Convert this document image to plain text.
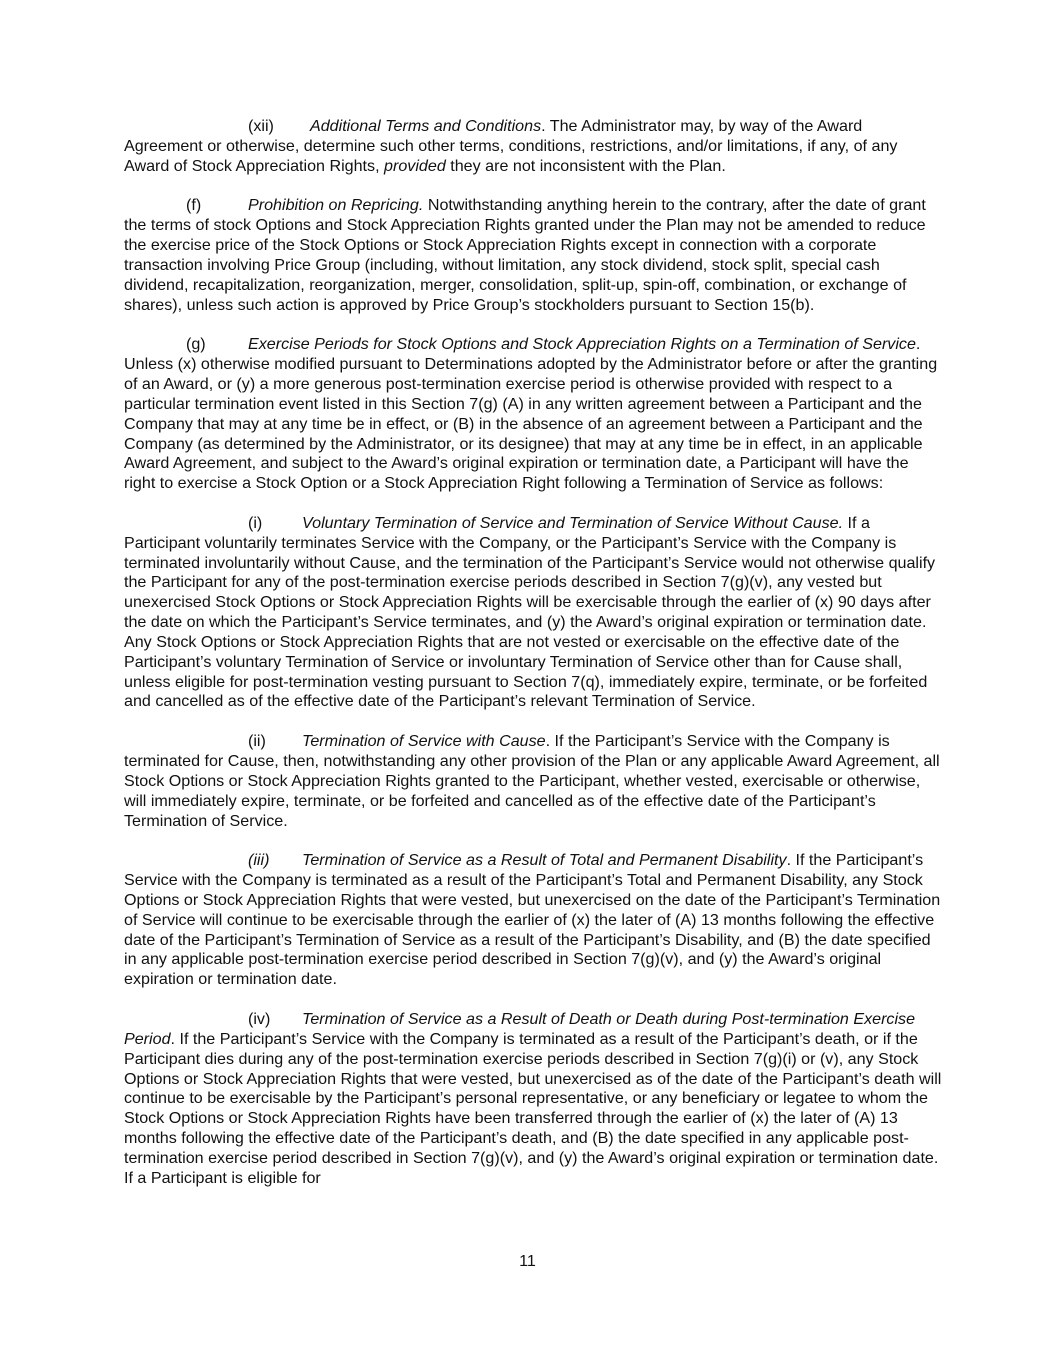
(xii) Additional Terms and Conditions. The Administrator may, by way of the Award Agreement or otherwise, determine such other terms, conditions, restrictions, and/or limitations, if any, of any Award of Stock Appreciation Rights, provided they are not inconsistent with the Plan.

(f)	Prohibition on Repricing. Notwithstanding anything herein to the contrary, after the date of grant the terms of stock Options and Stock Appreciation Rights granted under the Plan may not be amended to reduce the exercise price of the Stock Options or Stock Appreciation Rights except in connection with a corporate transaction involving Price Group (including, without limitation, any stock dividend, stock split, special cash dividend, recapitalization, reorganization, merger, consolidation, split-up, spin-off, combination, or exchange of shares), unless such action is approved by Price Group’s stockholders pursuant to Section 15(b).

(g)	Exercise Periods for Stock Options and Stock Appreciation Rights on a Termination of Service. Unless (x) otherwise modified pursuant to Determinations adopted by the Administrator before or after the granting of an Award, or (y) a more generous post-termination exercise period is otherwise provided with respect to a particular termination event listed in this Section 7(g) (A) in any written agreement between a Participant and the Company that may at any time be in effect, or (B) in the absence of an agreement between a Participant and the Company (as determined by the Administrator, or its designee) that may at any time be in effect, in an applicable Award Agreement, and subject to the Award’s original expiration or termination date, a Participant will have the right to exercise a Stock Option or a Stock Appreciation Right following a Termination of Service as follows:

(i) Voluntary Termination of Service and Termination of Service Without Cause. If a Participant voluntarily terminates Service with the Company, or the Participant’s Service with the Company is terminated involuntarily without Cause, and the termination of the Participant’s Service would not otherwise qualify the Participant for any of the post-termination exercise periods described in Section 7(g)(v), any vested but unexercised Stock Options or Stock Appreciation Rights will be exercisable through the earlier of (x) 90 days after the date on which the Participant’s Service terminates, and (y) the Award’s original expiration or termination date. Any Stock Options or Stock Appreciation Rights that are not vested or exercisable on the effective date of the Participant’s voluntary Termination of Service or involuntary Termination of Service other than for Cause shall, unless eligible for post-termination vesting pursuant to Section 7(q), immediately expire, terminate, or be forfeited and cancelled as of the effective date of the Participant’s relevant Termination of Service.

(ii) Termination of Service with Cause. If the Participant’s Service with the Company is terminated for Cause, then, notwithstanding any other provision of the Plan or any applicable Award Agreement, all Stock Options or Stock Appreciation Rights granted to the Participant, whether vested, exercisable or otherwise, will immediately expire, terminate, or be forfeited and cancelled as of the effective date of the Participant’s Termination of Service.

(iii) Termination of Service as a Result of Total and Permanent Disability. If the Participant’s Service with the Company is terminated as a result of the Participant’s Total and Permanent Disability, any Stock Options or Stock Appreciation Rights that were vested, but unexercised on the date of the Participant’s Termination of Service will continue to be exercisable through the earlier of (x) the later of (A) 13 months following the effective date of the Participant’s Termination of Service as a result of the Participant’s Disability, and (B) the date specified in any applicable post-termination exercise period described in Section 7(g)(v), and (y) the Award’s original expiration or termination date.

(iv) Termination of Service as a Result of Death or Death during Post-termination Exercise Period. If the Participant’s Service with the Company is terminated as a result of the Participant’s death, or if the Participant dies during any of the post-termination exercise periods described in Section 7(g)(i) or (v), any Stock Options or Stock Appreciation Rights that were vested, but unexercised as of the date of the Participant’s death will continue to be exercisable by the Participant’s personal representative, or any beneficiary or legatee to whom the Stock Options or Stock Appreciation Rights have been transferred through the earlier of (x) the later of (A) 13 months following the effective date of the Participant’s death, and (B) the date specified in any applicable post-termination exercise period described in Section 7(g)(v), and (y) the Award’s original expiration or termination date. If a Participant is eligible for

11
